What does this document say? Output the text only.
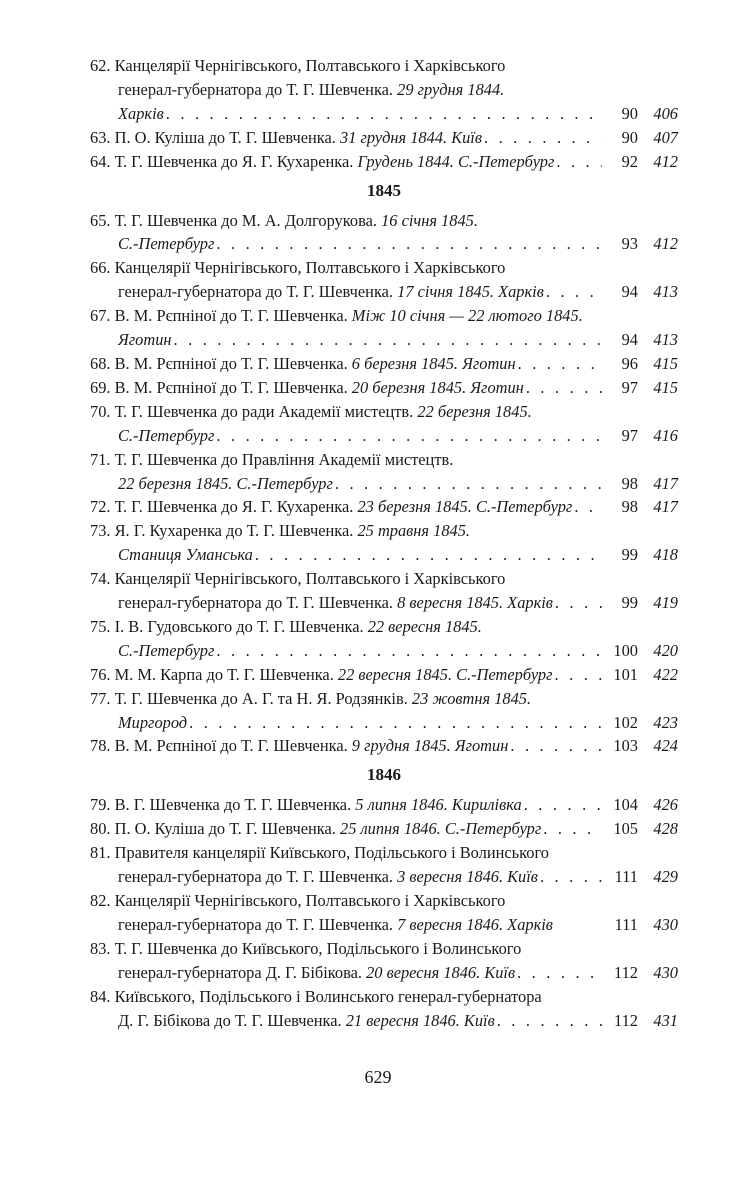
62. Канцелярії Чернігівського, Полтавського і Харківського
генерал-губернатора до Т. Г. Шевченка. 29 грудня 1844.
Харків . . .	90 406
63. П. О. Куліша до Т. Г. Шевченка. 31 грудня 1844. Київ . . .	90 407
64. Т. Г. Шевченка до Я. Г. Кухаренка. Грудень 1844. С.-Петербург . . .	92 412
1845
65. Т. Г. Шевченка до М. А. Долгорукова. 16 січня 1845.
С.-Петербург . . .	93 412
66. Канцелярії Чернігівського, Полтавського і Харківського
генерал-губернатора до Т. Г. Шевченка. 17 січня 1845. Харків . . .	94 413
67. В. М. Рєпніної до Т. Г. Шевченка. Між 10 січня — 22 лютого 1845.
Яготин . . .	94 413
68. В. М. Рєпніної до Т. Г. Шевченка. 6 березня 1845. Яготин . . .	96 415
69. В. М. Рєпніної до Т. Г. Шевченка. 20 березня 1845. Яготин . . .	97 415
70. Т. Г. Шевченка до ради Академії мистецтв. 22 березня 1845.
С.-Петербург . . .	97 416
71. Т. Г. Шевченка до Правління Академії мистецтв.
22 березня 1845. С.-Петербург . . .	98 417
72. Т. Г. Шевченка до Я. Г. Кухаренка. 23 березня 1845. С.-Петербург . . .	98 417
73. Я. Г. Кухаренка до Т. Г. Шевченка. 25 травня 1845.
Станиця Уманська . . .	99 418
74. Канцелярії Чернігівського, Полтавського і Харківського
генерал-губернатора до Т. Г. Шевченка. 8 вересня 1845. Харків . . .	99 419
75. І. В. Гудовського до Т. Г. Шевченка. 22 вересня 1845.
С.-Петербург . . .	100 420
76. М. М. Карпа до Т. Г. Шевченка. 22 вересня 1845. С.-Петербург . . .	101 422
77. Т. Г. Шевченка до А. Г. та Н. Я. Родзянків. 23 жовтня 1845.
Миргород . . .	102 423
78. В. М. Рєпніної до Т. Г. Шевченка. 9 грудня 1845. Яготин . . .	103 424
1846
79. В. Г. Шевченка до Т. Г. Шевченка. 5 липня 1846. Кирилівка . . .	104 426
80. П. О. Куліша до Т. Г. Шевченка. 25 липня 1846. С.-Петербург . . .	105 428
81. Правителя канцелярії Київського, Подільського і Волинського
генерал-губернатора до Т. Г. Шевченка. 3 вересня 1846. Київ . . .	111 429
82. Канцелярії Чернігівського, Полтавського і Харківського
генерал-губернатора до Т. Г. Шевченка. 7 вересня 1846. Харків	111 430
83. Т. Г. Шевченка до Київського, Подільського і Волинського
генерал-губернатора Д. Г. Бібікова. 20 вересня 1846. Київ . . .	112 430
84. Київського, Подільського і Волинського генерал-губернатора
Д. Г. Бібікова до Т. Г. Шевченка. 21 вересня 1846. Київ . . .	112 431
629
